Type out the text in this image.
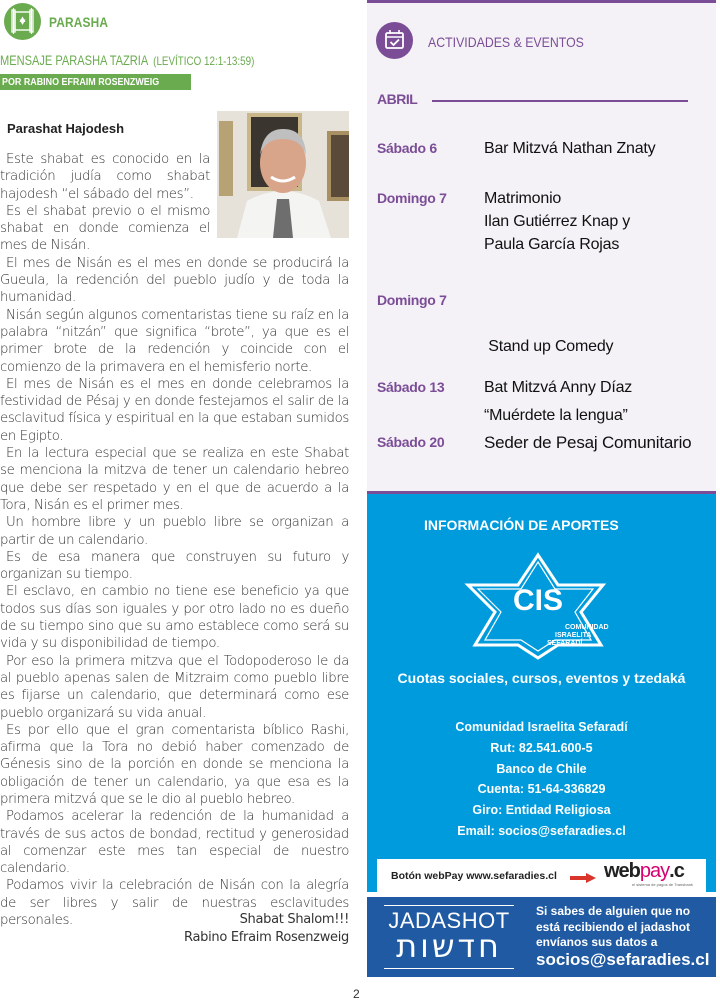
PARASHA
MENSAJE PARASHA TAZRIA (LEVÍTICO 12:1-13:59)
POR RABINO EFRAIM ROSENZWEIG
Parashat Hajodesh

Este shabat es conocido en la tradición judía como shabat hajodesh “el sábado del mes”.

Es el shabat previo o el mismo shabat en donde comienza el mes de Nisán.

El mes de Nisán es el mes en donde se producirá la Gueula, la redención del pueblo judío y de toda la humanidad.

Nisán según algunos comentaristas tiene su raíz en la palabra “nitzán” que significa “brote”, ya que es el primer brote de la redención y coincide con el comienzo de la primavera en el hemisferio norte.

El mes de Nisán es el mes en donde celebramos la festividad de Pésaj y en donde festejamos el salir de la esclavitud física y espiritual en la que estaban sumidos en Egipto.

En la lectura especial que se realiza en este Shabat se menciona la mitzva de tener un calendario hebreo que debe ser respetado y en el que de acuerdo a la Tora, Nisán es el primer mes.

Un hombre libre y un pueblo libre se organizan a partir de un calendario.

Es de esa manera que construyen su futuro y organizan su tiempo.

El esclavo, en cambio no tiene ese beneficio ya que todos sus días son iguales y por otro lado no es dueño de su tiempo sino que su amo establece como será su vida y su disponibilidad de tiempo.

Por eso la primera mitzva que el Todopoderoso le da al pueblo apenas salen de Mitzraim como pueblo libre es fijarse un calendario, que determinará como ese pueblo organizará su vida anual.

Es por ello que el gran comentarista bíblico Rashi, afirma que la Tora no debió haber comenzado de Génesis sino de la porción en donde se menciona la obligación de tener un calendario, ya que esa es la primera mitzvá que se le dio al pueblo hebreo.

Podamos acelerar la redención de la humanidad a través de sus actos de bondad, rectitud y generosidad al comenzar este mes tan especial de nuestro calendario.

Podamos vivir la celebración de Nisán con la alegría de ser libres y salir de nuestras esclavitudes personales.	Shabat Shalom!!!
Rabino Efraim Rosenzweig
2
ACTIVIDADES & EVENTOS
ABRIL
Sábado 6	Bar Mitzvá Nathan Znaty
Domingo 7 Matrimonio
Ilan Gutiérrez Knap y
Paula García Rojas
Domingo 7

Stand up Comedy

“Muérdete la lengua”

Sábado 13 Bat Mitzvá Anny Díaz
Sábado 20 Seder de Pesaj Comunitario
INFORMACIÓN DE APORTES
CIS
COMUNIDAD
ISRAELITA
SEFARADÍ
Cuotas sociales, cursos, eventos y tzedaká
Comunidad Israelita Sefaradí
Rut: 82.541.600-5
Banco de Chile
Cuenta: 51-64-336829
Giro: Entidad Religiosa
Email: socios@sefaradies.cl
Botón webPay www.sefaradies.cl webpay.c
el sistema de pagos de Transbank
JADASHOT
חדשות
Si sabes de alguien que no
está recibiendo el jadashot
envíanos sus datos a
socios@sefaradies.cl
